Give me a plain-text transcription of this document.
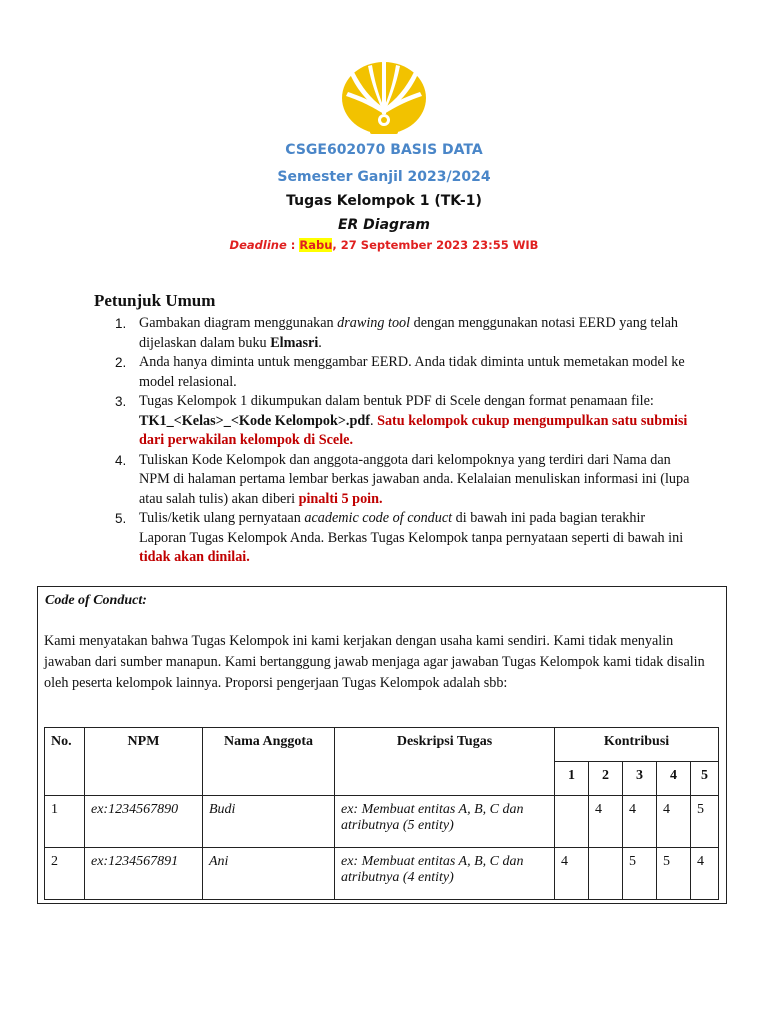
CSGE602070 BASIS DATA
Semester Ganjil 2023/2024
Tugas Kelompok 1 (TK-1)
ER Diagram
Deadline : Rabu, 27 September 2023 23:55 WIB
Petunjuk Umum
1. Gambakan diagram menggunakan drawing tool dengan menggunakan notasi EERD yang telah dijelaskan dalam buku Elmasri.
2. Anda hanya diminta untuk menggambar EERD. Anda tidak diminta untuk memetakan model ke model relasional.
3. Tugas Kelompok 1 dikumpukan dalam bentuk PDF di Scele dengan format penamaan file: TK1_<Kelas>_<Kode Kelompok>.pdf. Satu kelompok cukup mengumpulkan satu submisi dari perwakilan kelompok di Scele.
4. Tuliskan Kode Kelompok dan anggota-anggota dari kelompoknya yang terdiri dari Nama dan NPM di halaman pertama lembar berkas jawaban anda. Kelalaian menuliskan informasi ini (lupa atau salah tulis) akan diberi pinalti 5 poin.
5. Tulis/ketik ulang pernyataan academic code of conduct di bawah ini pada bagian terakhir Laporan Tugas Kelompok Anda. Berkas Tugas Kelompok tanpa pernyataan seperti di bawah ini tidak akan dinilai.
Code of Conduct:
Kami menyatakan bahwa Tugas Kelompok ini kami kerjakan dengan usaha kami sendiri. Kami tidak menyalin jawaban dari sumber manapun. Kami bertanggung jawab menjaga agar jawaban Tugas Kelompok kami tidak disalin oleh peserta kelompok lainnya. Proporsi pengerjaan Tugas Kelompok adalah sbb:
No.	NPM	Nama Anggota	Deskripsi Tugas	Kontribusi				
				1	2	3	4	5
1	ex:1234567890	Budi	ex: Membuat entitas A, B, C dan atributnya (5 entity)		4	4	4	5
2	ex:1234567891	Ani	ex: Membuat entitas A, B, C dan atributnya (4 entity)	4		5	5	4
